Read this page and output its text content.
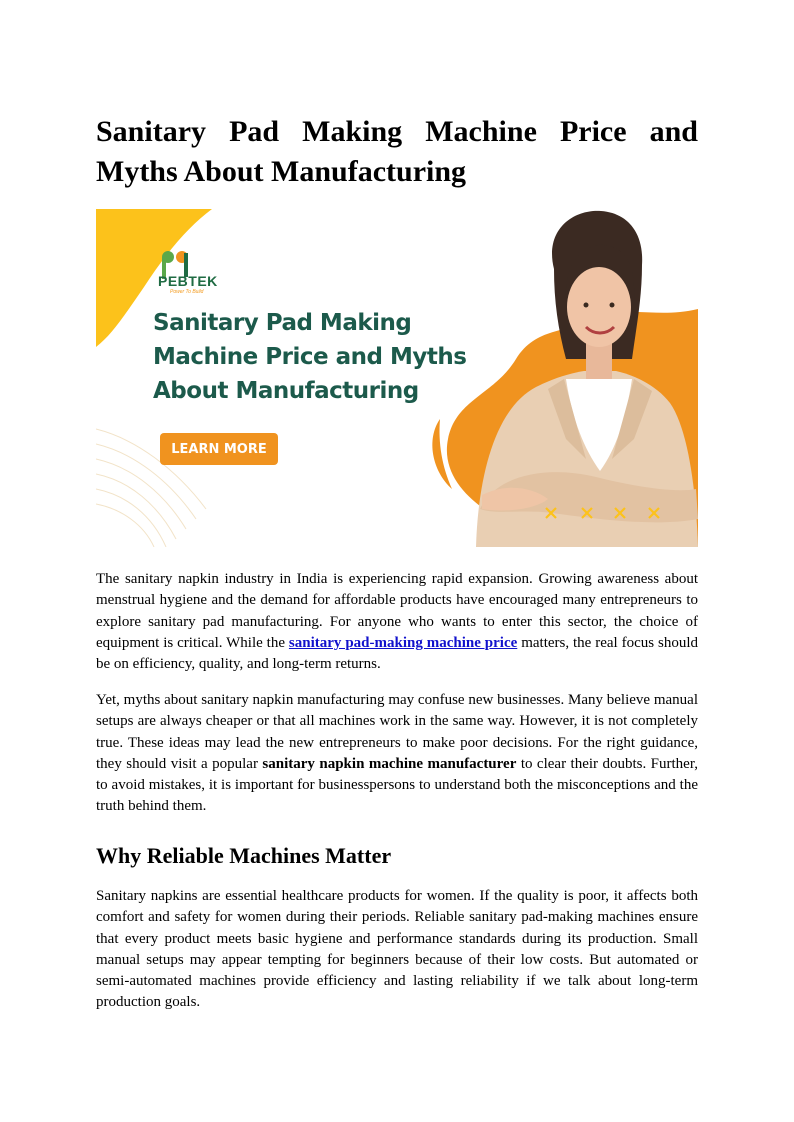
Sanitary Pad Making Machine Price and Myths About Manufacturing
PEBTEK
Power To Build
Sanitary Pad Making
Machine Price and Myths
About Manufacturing
LEARN MORE

The sanitary napkin industry in India is experiencing rapid expansion. Growing awareness about menstrual hygiene and the demand for affordable products have encouraged many entrepreneurs to explore sanitary pad manufacturing. For anyone who wants to enter this sector, the choice of equipment is critical. While the sanitary pad-making machine price matters, the real focus should be on efficiency, quality, and long-term returns.

Yet, myths about sanitary napkin manufacturing may confuse new businesses. Many believe manual setups are always cheaper or that all machines work in the same way. However, it is not completely true. These ideas may lead the new entrepreneurs to make poor decisions. For the right guidance, they should visit a popular sanitary napkin machine manufacturer to clear their doubts. Further, to avoid mistakes, it is important for businesspersons to understand both the misconceptions and the truth behind them.

Why Reliable Machines Matter

Sanitary napkins are essential healthcare products for women. If the quality is poor, it affects both comfort and safety for women during their periods. Reliable sanitary pad-making machines ensure that every product meets basic hygiene and performance standards during its production. Small manual setups may appear tempting for beginners because of their low costs. But automated or semi-automated machines provide efficiency and lasting reliability if we talk about long-term production goals.
